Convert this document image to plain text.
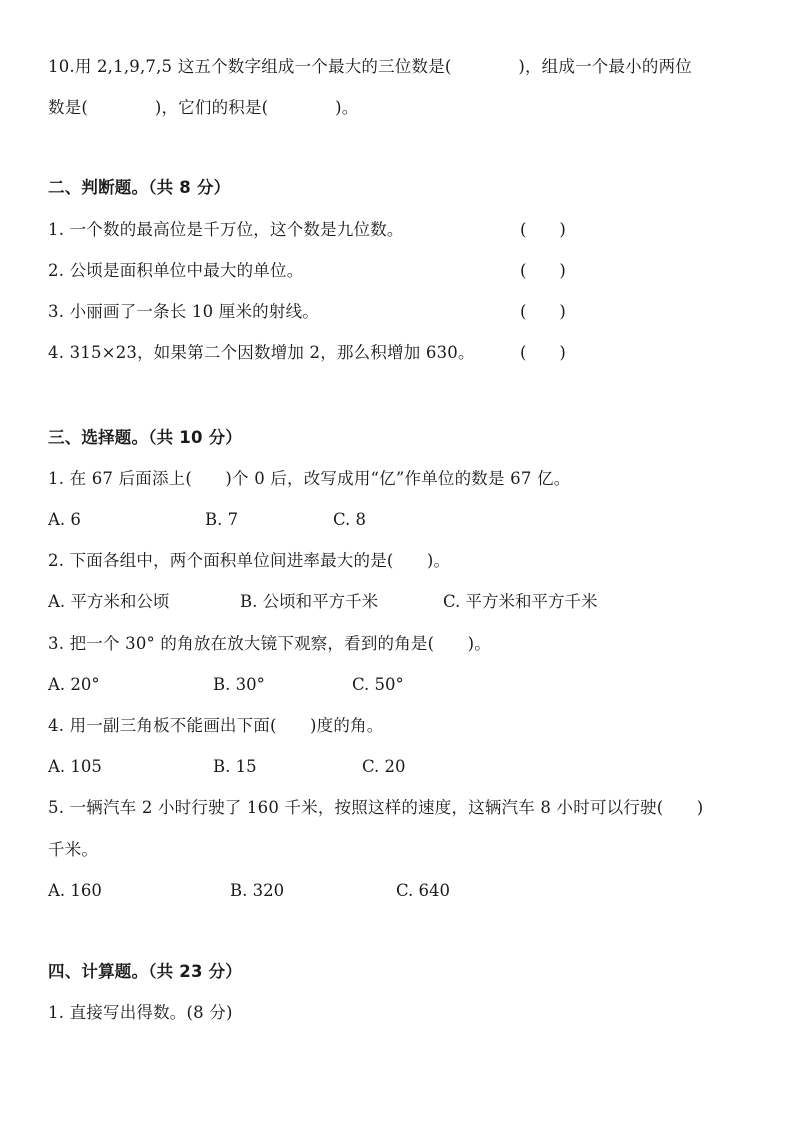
10.用 2,1,9,7,5 这五个数字组成一个最大的三位数是(　　　　)，组成一个最小的两位
数是(　　　　)，它们的积是(　　　　)。
二、判断题。（共 8 分）
1. 一个数的最高位是千万位，这个数是九位数。	(　　)
2. 公顷是面积单位中最大的单位。	(　　)
3. 小丽画了一条长 10 厘米的射线。	(　　)
4. 315×23，如果第二个因数增加 2，那么积增加 630。	(　　)
三、选择题。（共 10 分）
1. 在 67 后面添上(　　)个 0 后，改写成用“亿”作单位的数是 67 亿。
A. 6	B. 7	C. 8
2. 下面各组中，两个面积单位间进率最大的是(　　)。
A. 平方米和公顷	B. 公顷和平方千米	C. 平方米和平方千米
3. 把一个 30° 的角放在放大镜下观察，看到的角是(　　)。
A. 20°	B. 30°	C. 50°
4. 用一副三角板不能画出下面(　　)度的角。
A. 105	B. 15	C. 20
5. 一辆汽车 2 小时行驶了 160 千米，按照这样的速度，这辆汽车 8 小时可以行驶(　　)
千米。
A. 160	B. 320	C. 640
四、计算题。（共 23 分）
1. 直接写出得数。(8 分)
